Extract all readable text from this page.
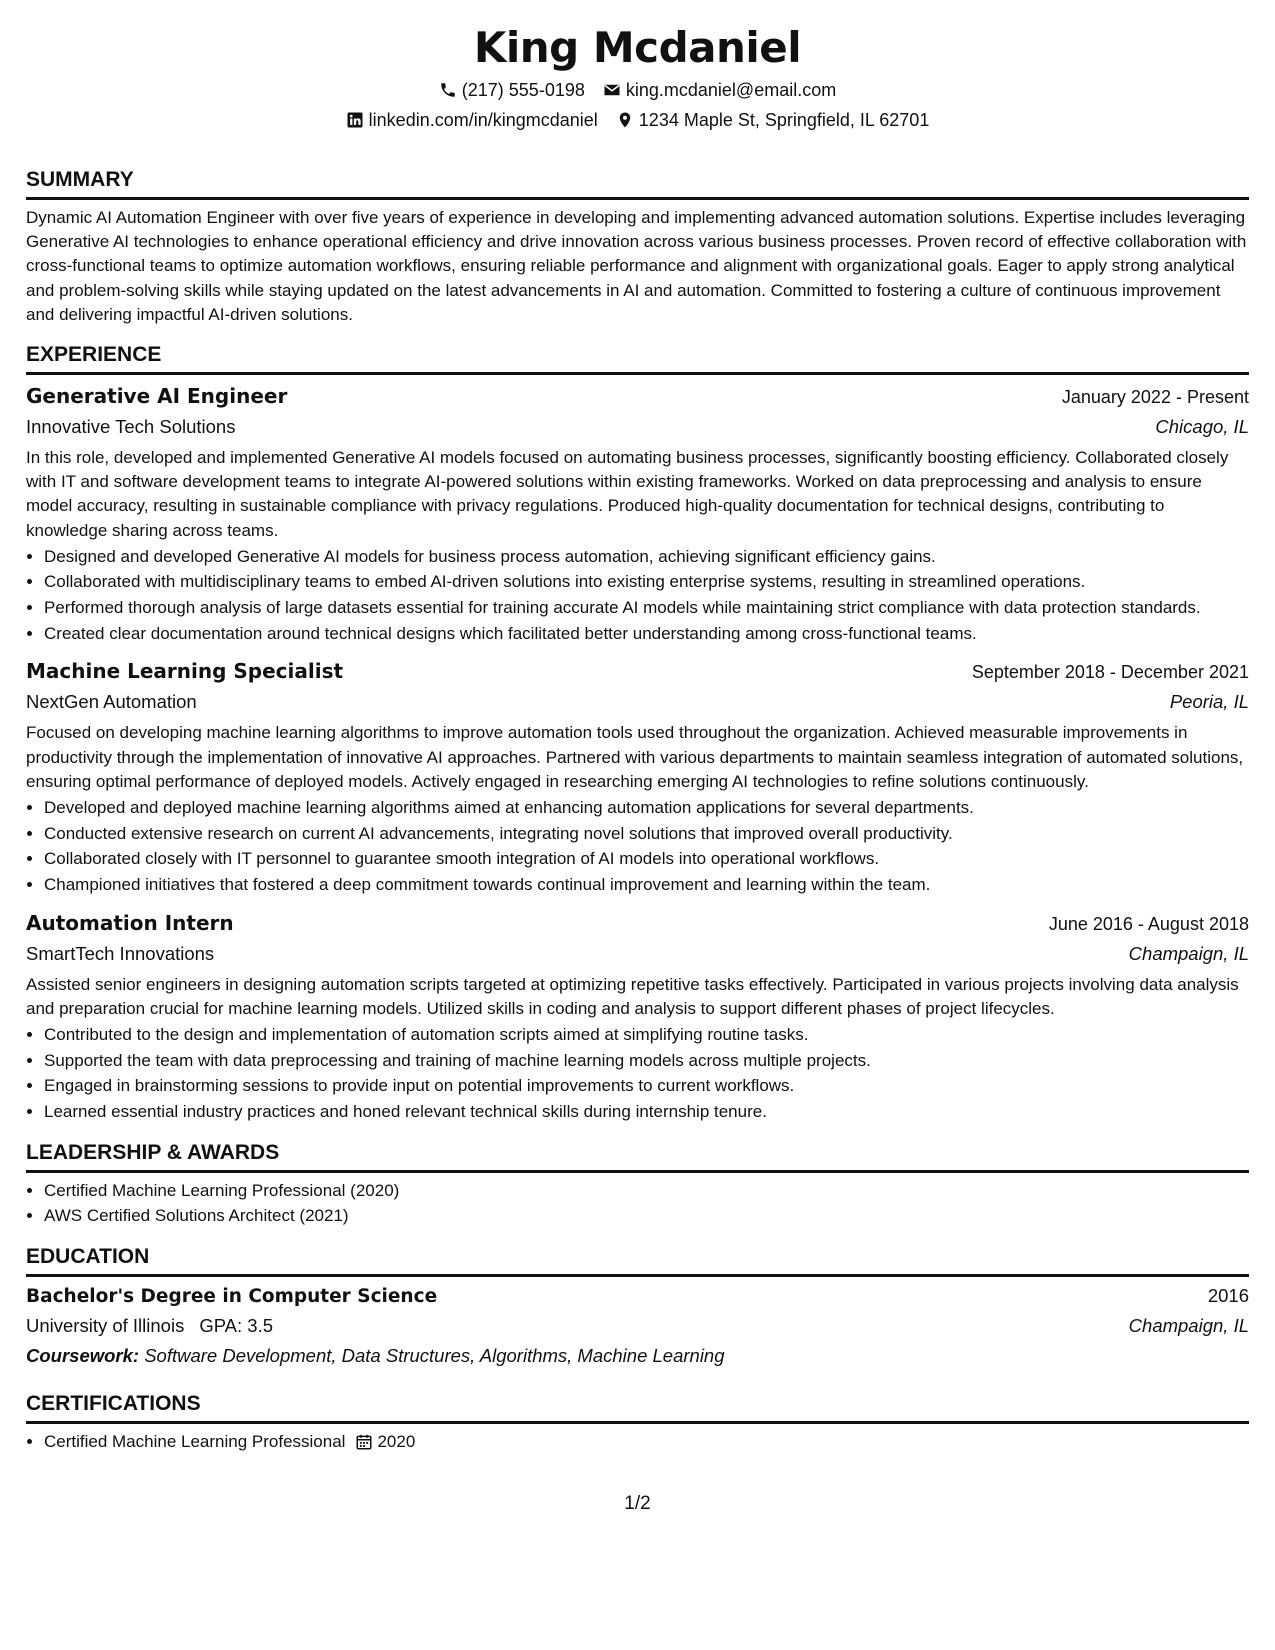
King Mcdaniel
(217) 555-0198 king.mcdaniel@email.com
linkedin.com/in/kingmcdaniel 1234 Maple St, Springfield, IL 62701
SUMMARY

Dynamic AI Automation Engineer with over five years of experience in developing and implementing advanced automation solutions. Expertise includes leveraging Generative AI technologies to enhance operational efficiency and drive innovation across various business processes. Proven record of effective collaboration with cross-functional teams to optimize automation workflows, ensuring reliable performance and alignment with organizational goals. Eager to apply strong analytical and problem-solving skills while staying updated on the latest advancements in AI and automation. Committed to fostering a culture of continuous improvement and delivering impactful AI-driven solutions.

EXPERIENCE
Generative AI Engineer	January 2022 - Present
Innovative Tech Solutions	Chicago, IL

In this role, developed and implemented Generative AI models focused on automating business processes, significantly boosting efficiency. Collaborated closely with IT and software development teams to integrate AI-powered solutions within existing frameworks. Worked on data preprocessing and analysis to ensure model accuracy, resulting in sustainable compliance with privacy regulations. Produced high-quality documentation for technical designs, contributing to knowledge sharing across teams.

• Designed and developed Generative AI models for business process automation, achieving significant efficiency gains.
• Collaborated with multidisciplinary teams to embed AI-driven solutions into existing enterprise systems, resulting in streamlined operations.
• Performed thorough analysis of large datasets essential for training accurate AI models while maintaining strict compliance with data protection standards.
• Created clear documentation around technical designs which facilitated better understanding among cross-functional teams.
Machine Learning Specialist	September 2018 - December 2021
NextGen Automation	Peoria, IL

Focused on developing machine learning algorithms to improve automation tools used throughout the organization. Achieved measurable improvements in productivity through the implementation of innovative AI approaches. Partnered with various departments to maintain seamless integration of automated solutions, ensuring optimal performance of deployed models. Actively engaged in researching emerging AI technologies to refine solutions continuously.

• Developed and deployed machine learning algorithms aimed at enhancing automation applications for several departments.
• Conducted extensive research on current AI advancements, integrating novel solutions that improved overall productivity.
• Collaborated closely with IT personnel to guarantee smooth integration of AI models into operational workflows.
• Championed initiatives that fostered a deep commitment towards continual improvement and learning within the team.
Automation Intern	June 2016 - August 2018
SmartTech Innovations	Champaign, IL

Assisted senior engineers in designing automation scripts targeted at optimizing repetitive tasks effectively. Participated in various projects involving data analysis and preparation crucial for machine learning models. Utilized skills in coding and analysis to support different phases of project lifecycles.

• Contributed to the design and implementation of automation scripts aimed at simplifying routine tasks.
• Supported the team with data preprocessing and training of machine learning models across multiple projects.
• Engaged in brainstorming sessions to provide input on potential improvements to current workflows.
• Learned essential industry practices and honed relevant technical skills during internship tenure.
LEADERSHIP & AWARDS
• Certified Machine Learning Professional (2020)
• AWS Certified Solutions Architect (2021)
EDUCATION
Bachelor's Degree in Computer Science	2016
University of Illinois GPA: 3.5	Champaign, IL
Coursework: Software Development, Data Structures, Algorithms, Machine Learning
CERTIFICATIONS
• Certified Machine Learning Professional 2020
1/2
